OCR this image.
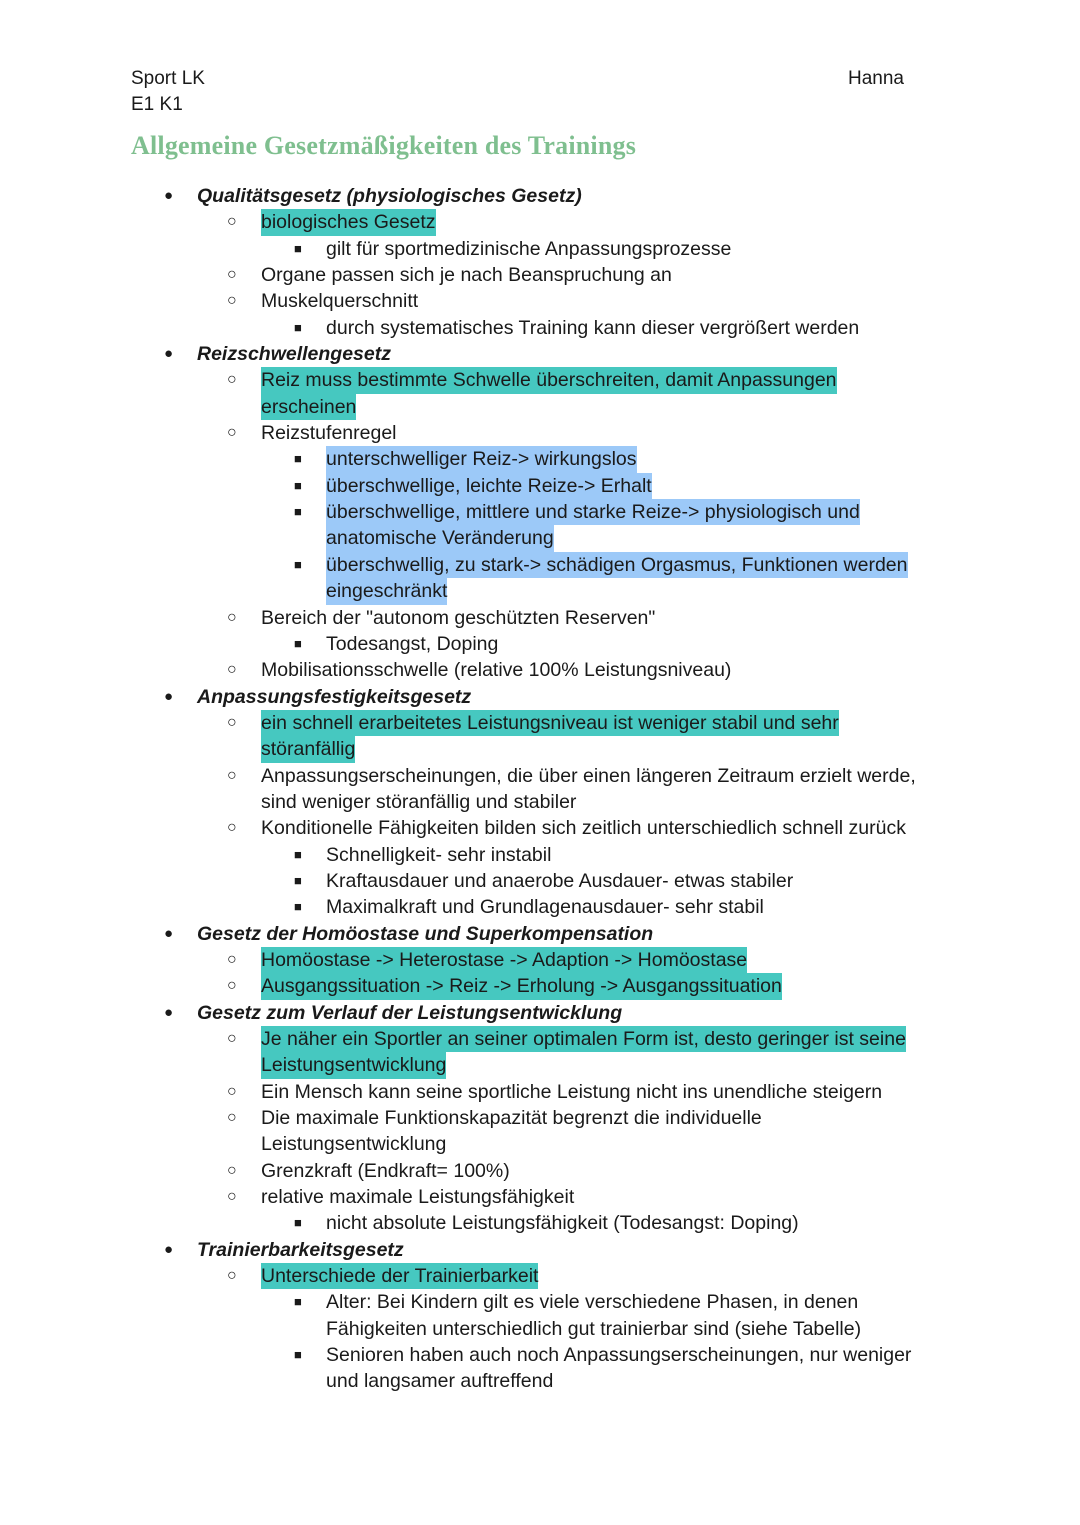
Sport LK
E1 K1
Hanna
Allgemeine Gesetzmäßigkeiten des Trainings
● Qualitätsgesetz (physiologisches Gesetz)
○ biologisches Gesetz
■ gilt für sportmedizinische Anpassungsprozesse
○ Organe passen sich je nach Beanspruchung an
○ Muskelquerschnitt
■ durch systematisches Training kann dieser vergrößert werden
● Reizschwellengesetz
○ Reiz muss bestimmte Schwelle überschreiten, damit Anpassungen
erscheinen
○ Reizstufenregel
■ unterschwelliger Reiz-> wirkungslos
■ überschwellige, leichte Reize-> Erhalt
■ überschwellige, mittlere und starke Reize-> physiologisch und
anatomische Veränderung
■ überschwellig, zu stark-> schädigen Orgasmus, Funktionen werden
eingeschränkt
○ Bereich der "autonom geschützten Reserven"
■ Todesangst, Doping
○ Mobilisationsschwelle (relative 100% Leistungsniveau)
● Anpassungsfestigkeitsgesetz
○ ein schnell erarbeitetes Leistungsniveau ist weniger stabil und sehr
störanfällig
○ Anpassungserscheinungen, die über einen längeren Zeitraum erzielt werde,
sind weniger störanfällig und stabiler
○ Konditionelle Fähigkeiten bilden sich zeitlich unterschiedlich schnell zurück
■ Schnelligkeit- sehr instabil
■ Kraftausdauer und anaerobe Ausdauer- etwas stabiler
■ Maximalkraft und Grundlagenausdauer- sehr stabil
● Gesetz der Homöostase und Superkompensation
○ Homöostase -> Heterostase -> Adaption -> Homöostase
○ Ausgangssituation -> Reiz -> Erholung -> Ausgangssituation
● Gesetz zum Verlauf der Leistungsentwicklung
○ Je näher ein Sportler an seiner optimalen Form ist, desto geringer ist seine
Leistungsentwicklung
○ Ein Mensch kann seine sportliche Leistung nicht ins unendliche steigern
○ Die maximale Funktionskapazität begrenzt die individuelle
Leistungsentwicklung
○ Grenzkraft (Endkraft= 100%)
○ relative maximale Leistungsfähigkeit
■ nicht absolute Leistungsfähigkeit (Todesangst: Doping)
● Trainierbarkeitsgesetz
○ Unterschiede der Trainierbarkeit
■ Alter: Bei Kindern gilt es viele verschiedene Phasen, in denen
Fähigkeiten unterschiedlich gut trainierbar sind (siehe Tabelle)
■ Senioren haben auch noch Anpassungserscheinungen, nur weniger
und langsamer auftreffend
